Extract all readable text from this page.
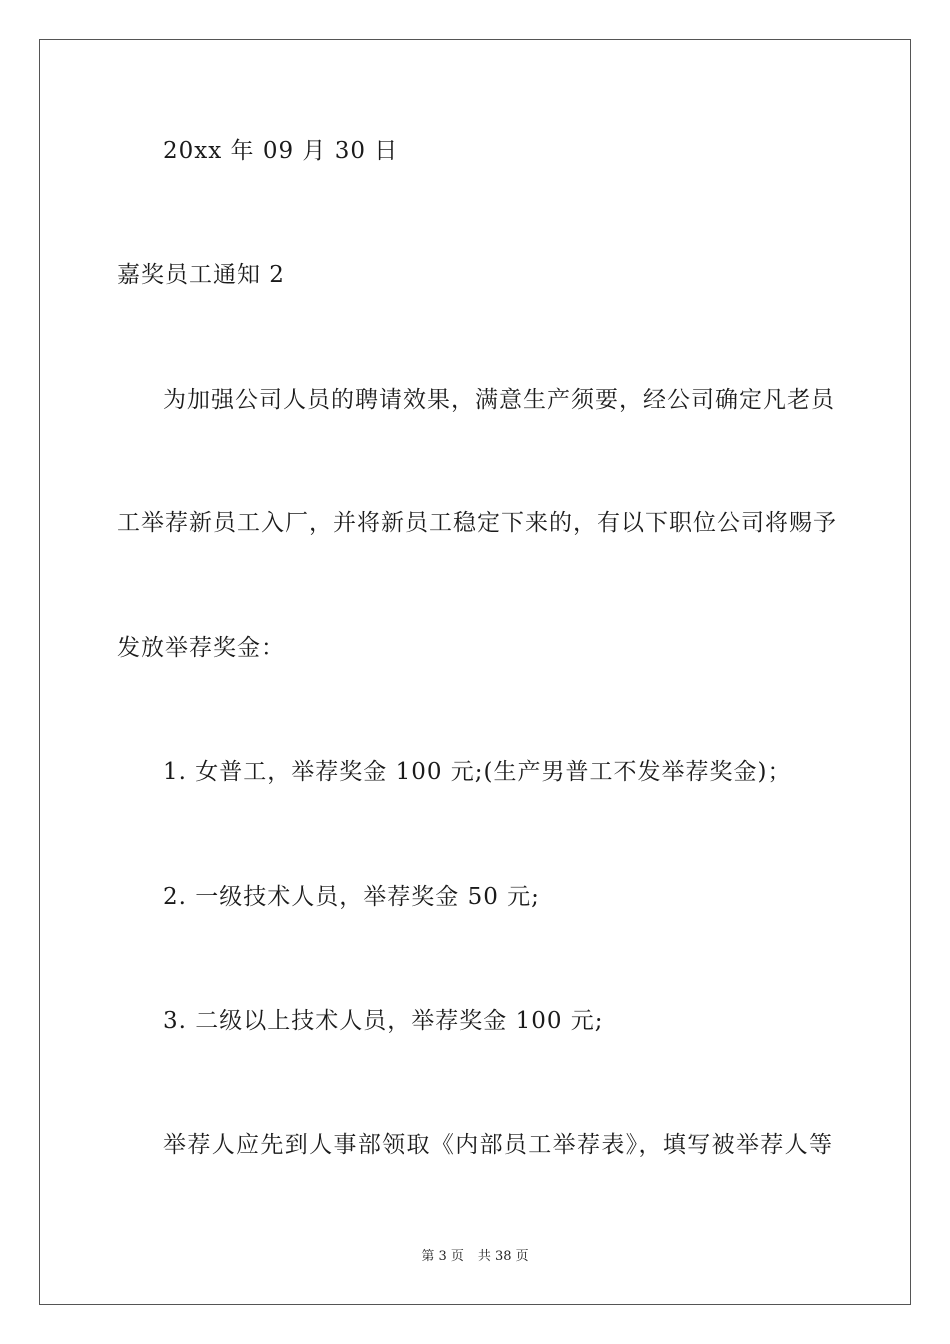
20xx 年 09 月 30 日
嘉奖员工通知 2
为加强公司人员的聘请效果，满意生产须要，经公司确定凡老员
工举荐新员工入厂，并将新员工稳定下来的，有以下职位公司将赐予
发放举荐奖金：
1. 女普工，举荐奖金 100 元;(生产男普工不发举荐奖金)；
2. 一级技术人员，举荐奖金 50 元;
3. 二级以上技术人员，举荐奖金 100 元;
举荐人应先到人事部领取《内部员工举荐表》，填写被举荐人等
第 3 页 共 38 页
